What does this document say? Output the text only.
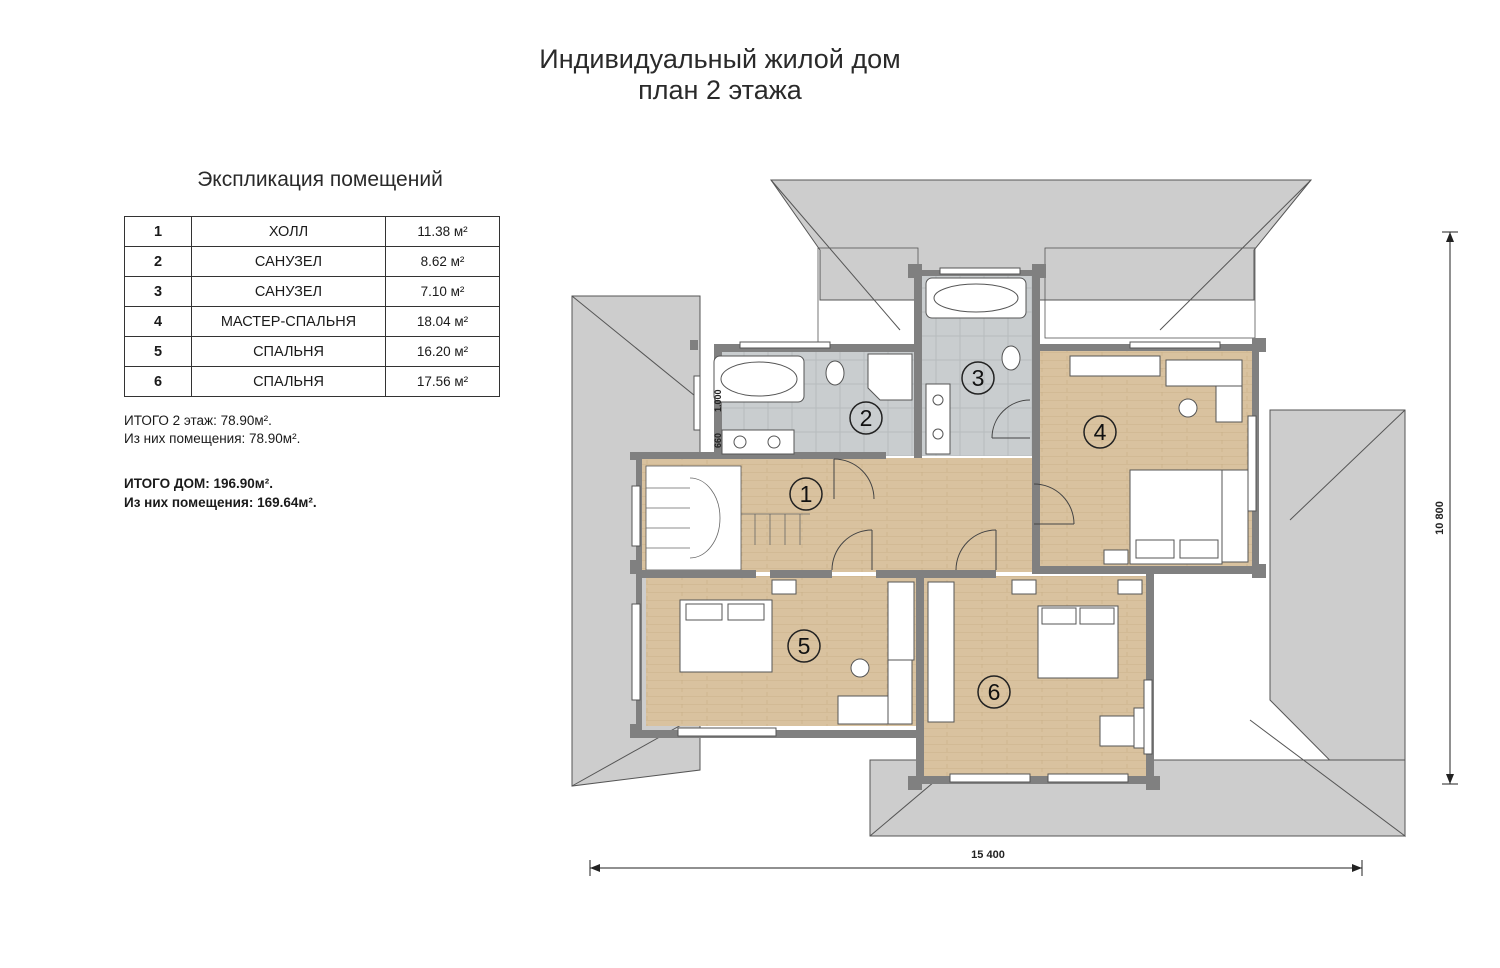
Индивидуальный жилой дом
план 2 этажа
Экспликация помещений
1	ХОЛЛ	11.38 м²
2	САНУЗЕЛ	8.62 м²
3	САНУЗЕЛ	7.10 м²
4	МАСТЕР-СПАЛЬНЯ	18.04 м²
5	СПАЛЬНЯ	16.20 м²
6	СПАЛЬНЯ	17.56 м²
ИТОГО 2 этаж: 78.90м².
Из них помещения: 78.90м².
ИТОГО ДОМ: 196.90м².
Из них помещения: 169.64м².	1
2
3
4
5
6
1.000
660
15 400
10 800
